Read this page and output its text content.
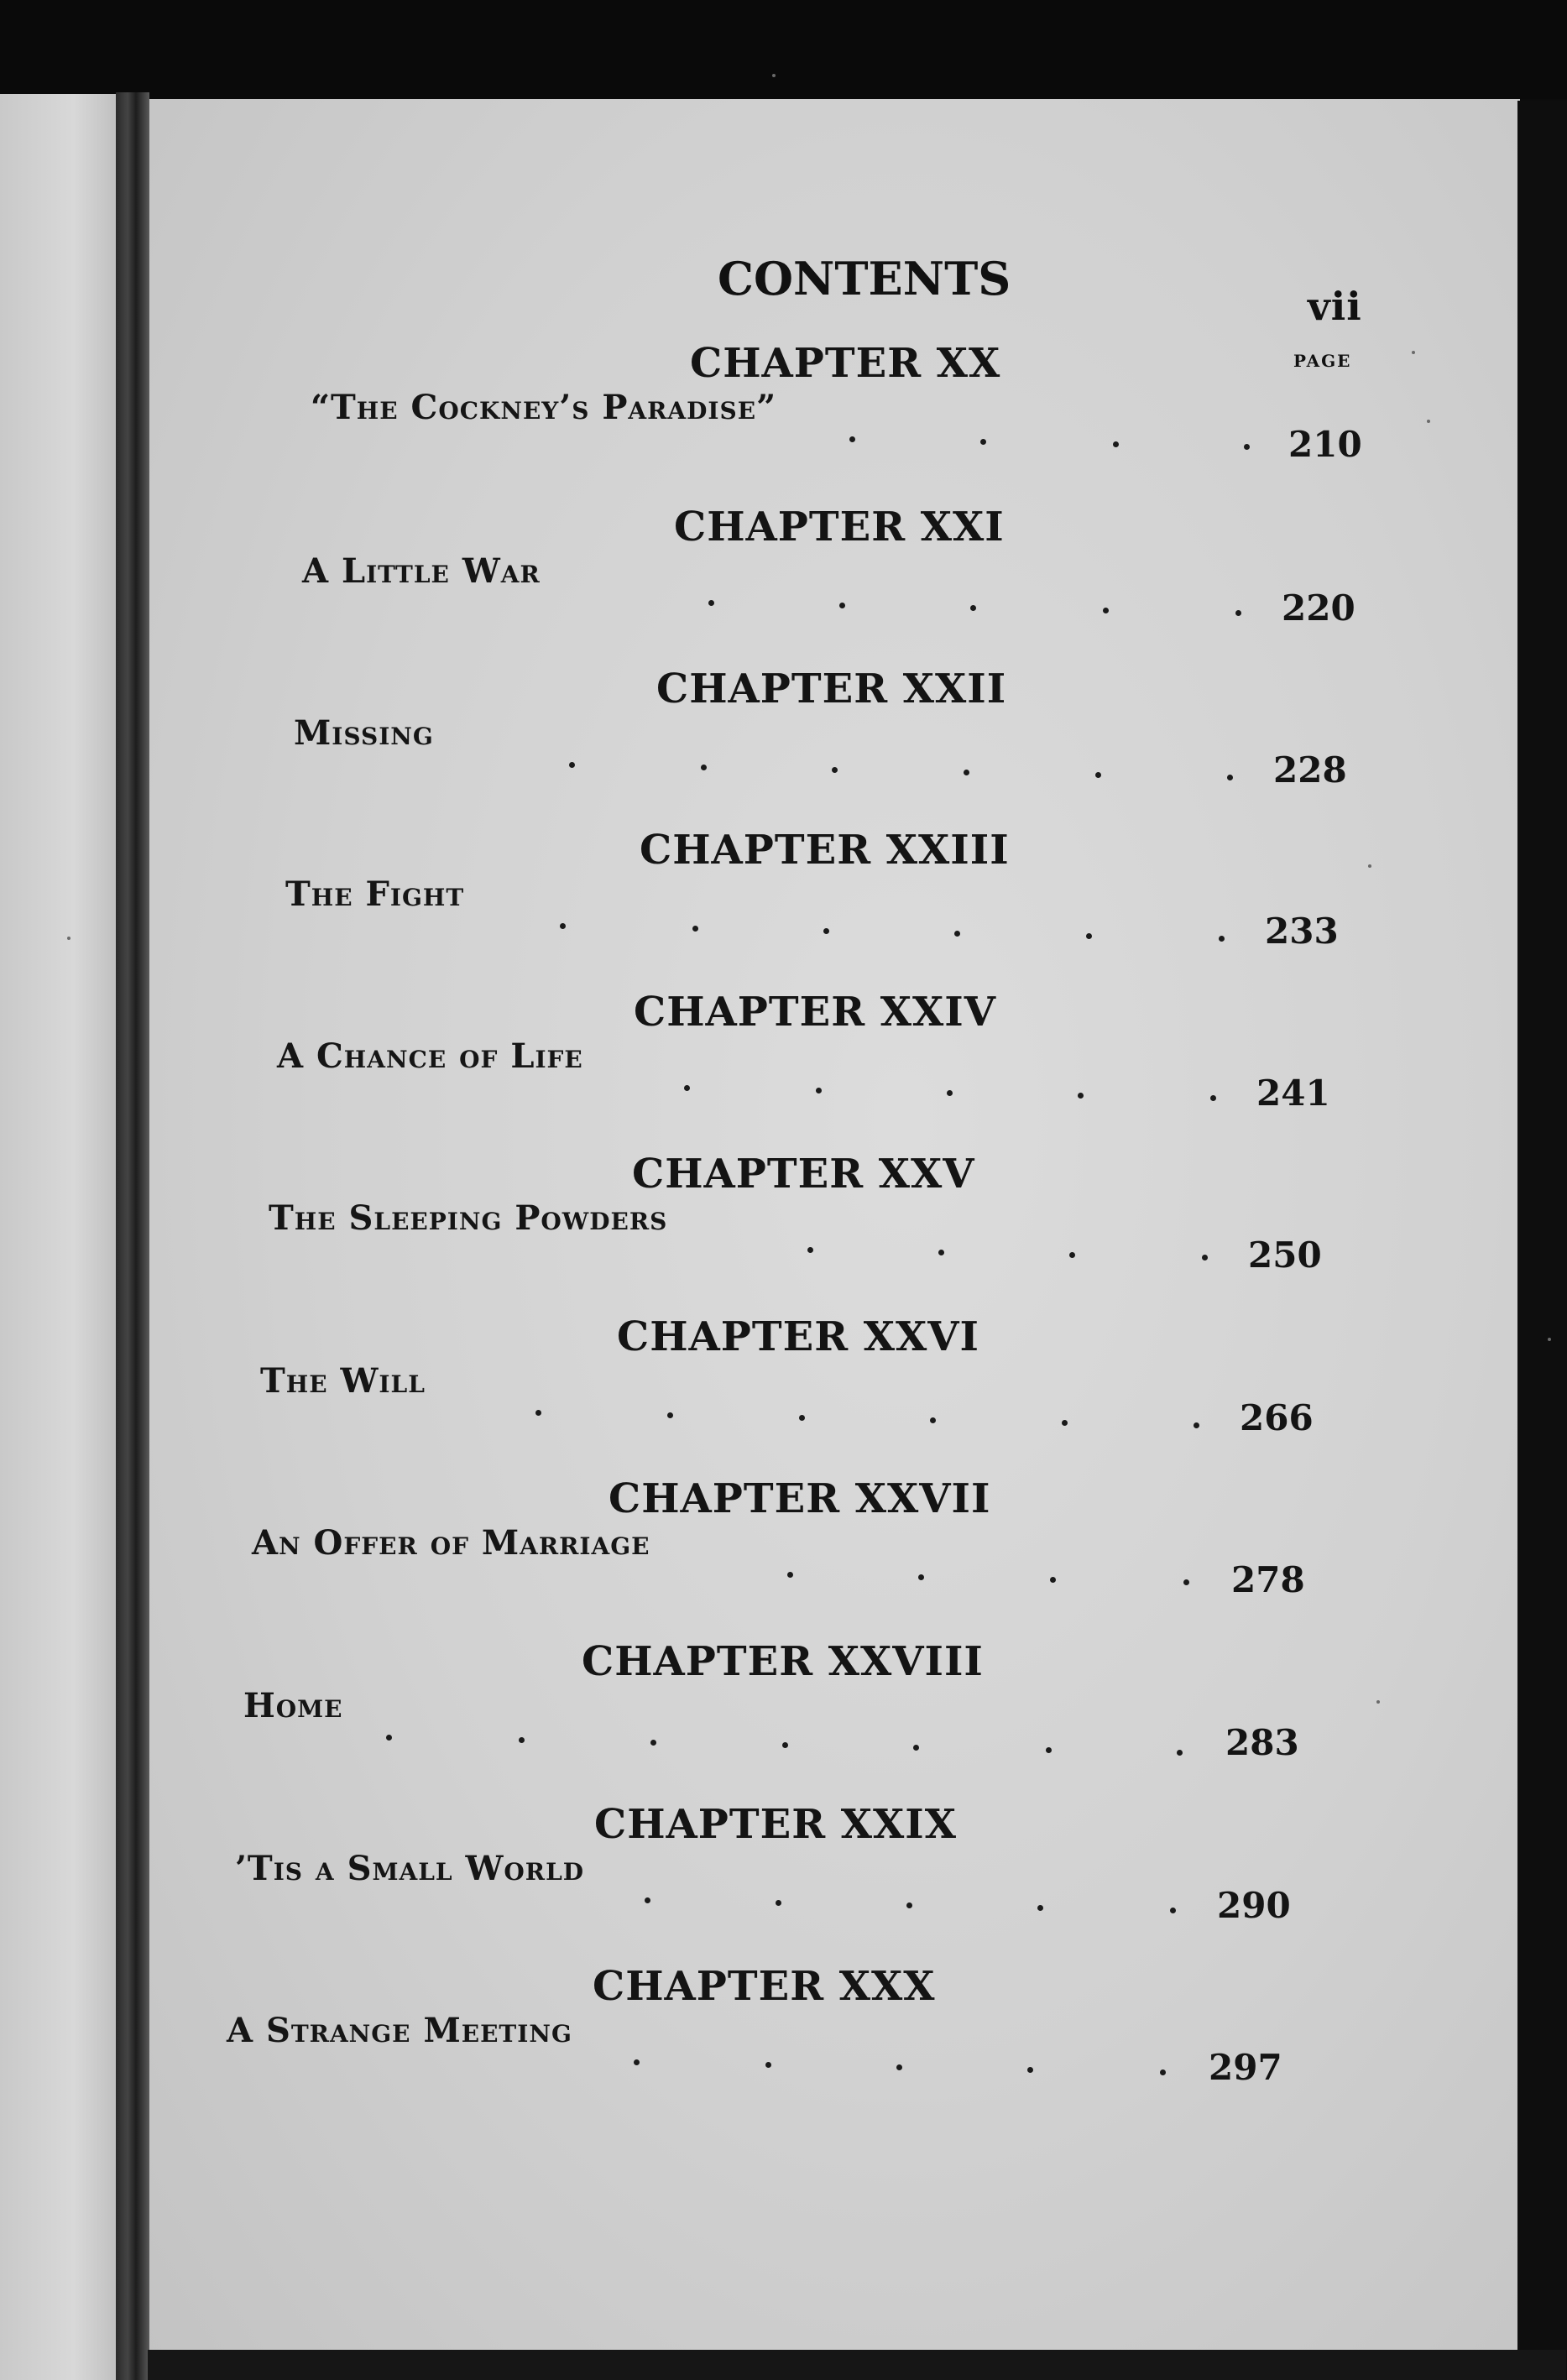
CONTENTS
vii
PAGE
CHAPTER XX
“The Cockney’s Paradise”
210
CHAPTER XXI
A Little War
220
CHAPTER XXII
Missing
228
CHAPTER XXIII
The Fight
233
CHAPTER XXIV
A Chance of Life
241
CHAPTER XXV
The Sleeping Powders
250
CHAPTER XXVI
The Will
266
CHAPTER XXVII
An Offer of Marriage
278
CHAPTER XXVIII
Home
283
CHAPTER XXIX
’Tis a Small World
290
CHAPTER XXX
A Strange Meeting
297
